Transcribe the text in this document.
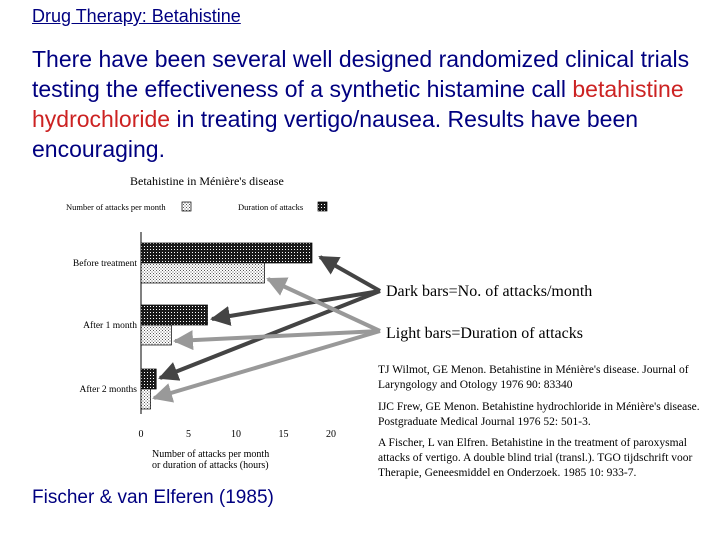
Drug Therapy: Betahistine
There have been several well designed randomized clinical trials testing the effectiveness of a synthetic histamine call betahistine hydrochloride in treating vertigo/nausea. Results have been encouraging.
Betahistine in Ménière's disease
Number of attacks per month	Duration of attacks
Before treatment
After 1 month
After 2 months
0	5	10	15	20
Number of attacks per month
or duration of attacks (hours)
Dark bars=No. of attacks/month
Light bars=Duration of attacks
TJ Wilmot, GE Menon. Betahistine in Ménière's disease. Journal of Laryngology and Otology 1976 90: 83340
IJC Frew, GE Menon. Betahistine hydrochloride in Ménière's disease. Postgraduate Medical Journal 1976 52: 501-3.
A Fischer, L van Elfren. Betahistine in the treatment of paroxysmal attacks of vertigo. A double blind trial (transl.). TGO tijdschrift voor Therapie, Geneesmiddel en Onderzoek. 1985 10: 933-7.
Fischer & van Elferen (1985)
